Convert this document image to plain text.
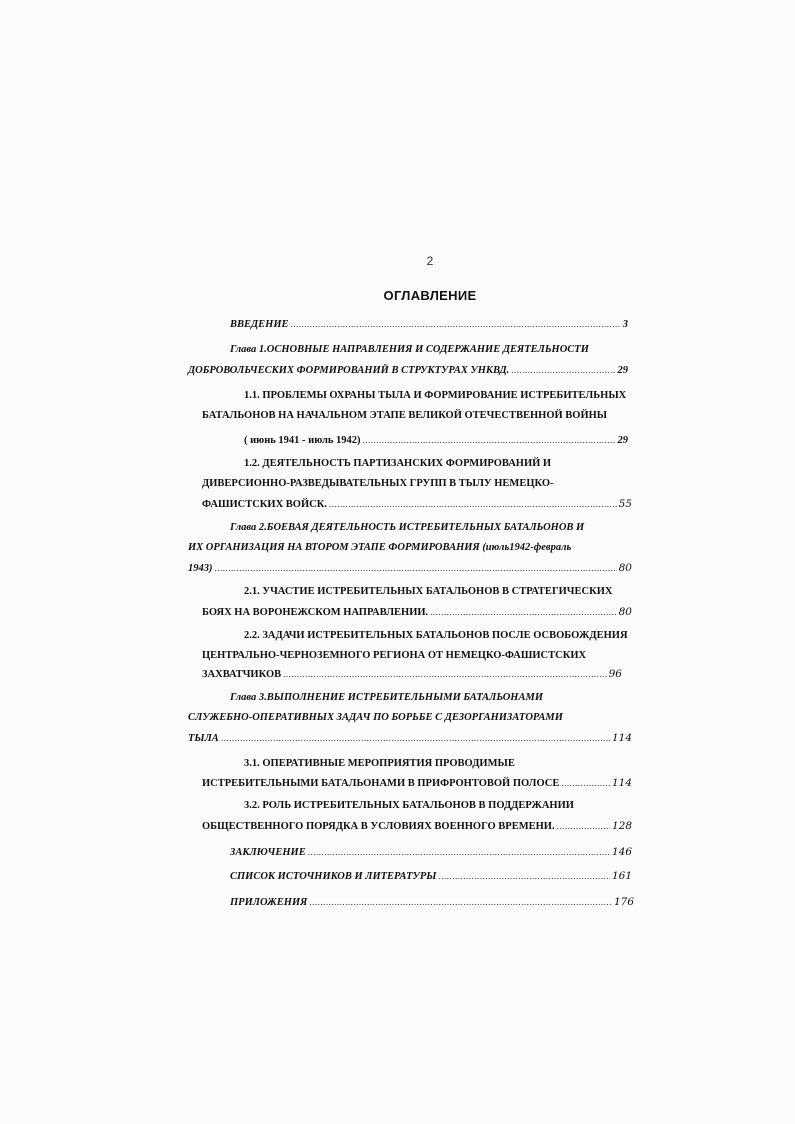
2
ОГЛАВЛЕНИЕ
ВВЕДЕНИЕ .....	3
Глава 1.ОСНОВНЫЕ НАПРАВЛЕНИЯ И СОДЕРЖАНИЕ ДЕЯТЕЛЬНОСТИ
ДОБРОВОЛЬЧЕСКИХ ФОРМИРОВАНИЙ В СТРУКТУРАХ УНКВД. .....	29
1.1. ПРОБЛЕМЫ ОХРАНЫ ТЫЛА И ФОРМИРОВАНИЕ ИСТРЕБИТЕЛЬНЫХ
БАТАЛЬОНОВ НА НАЧАЛЬНОМ ЭТАПЕ ВЕЛИКОЙ ОТЕЧЕСТВЕННОЙ ВОЙНЫ
( июнь 1941 - июль 1942) .....	29
1.2. ДЕЯТЕЛЬНОСТЬ ПАРТИЗАНСКИХ ФОРМИРОВАНИЙ И
ДИВЕРСИОННО-РАЗВЕДЫВАТЕЛЬНЫХ ГРУПП В ТЫЛУ НЕМЕЦКО-
ФАШИСТСКИХ ВОЙСК. .....	55
Глава 2.БОЕВАЯ ДЕЯТЕЛЬНОСТЬ ИСТРЕБИТЕЛЬНЫХ БАТАЛЬОНОВ И
ИХ ОРГАНИЗАЦИЯ НА ВТОРОМ ЭТАПЕ ФОРМИРОВАНИЯ (июль1942-февраль
1943) .....	80
2.1. УЧАСТИЕ ИСТРЕБИТЕЛЬНЫХ БАТАЛЬОНОВ В СТРАТЕГИЧЕСКИХ
БОЯХ НА ВОРОНЕЖСКОМ НАПРАВЛЕНИИ. .....	80
2.2. ЗАДАЧИ ИСТРЕБИТЕЛЬНЫХ БАТАЛЬОНОВ ПОСЛЕ ОСВОБОЖДЕНИЯ
ЦЕНТРАЛЬНО-ЧЕРНОЗЕМНОГО РЕГИОНА ОТ НЕМЕЦКО-ФАШИСТСКИХ
ЗАХВАТЧИКОВ .....	96
Глава 3.ВЫПОЛНЕНИЕ ИСТРЕБИТЕЛЬНЫМИ БАТАЛЬОНАМИ
СЛУЖЕБНО-ОПЕРАТИВНЫХ ЗАДАЧ ПО БОРЬБЕ С ДЕЗОРГАНИЗАТОРАМИ
ТЫЛА .....	114
3.1. ОПЕРАТИВНЫЕ МЕРОПРИЯТИЯ ПРОВОДИМЫЕ
ИСТРЕБИТЕЛЬНЫМИ БАТАЛЬОНАМИ В ПРИФРОНТОВОЙ ПОЛОСЕ .....	114
3.2. РОЛЬ ИСТРЕБИТЕЛЬНЫХ БАТАЛЬОНОВ В ПОДДЕРЖАНИИ
ОБЩЕСТВЕННОГО ПОРЯДКА В УСЛОВИЯХ ВОЕННОГО ВРЕМЕНИ. .....	128
ЗАКЛЮЧЕНИЕ .....	146
СПИСОК ИСТОЧНИКОВ И ЛИТЕРАТУРЫ .....	161
ПРИЛОЖЕНИЯ .....	176
